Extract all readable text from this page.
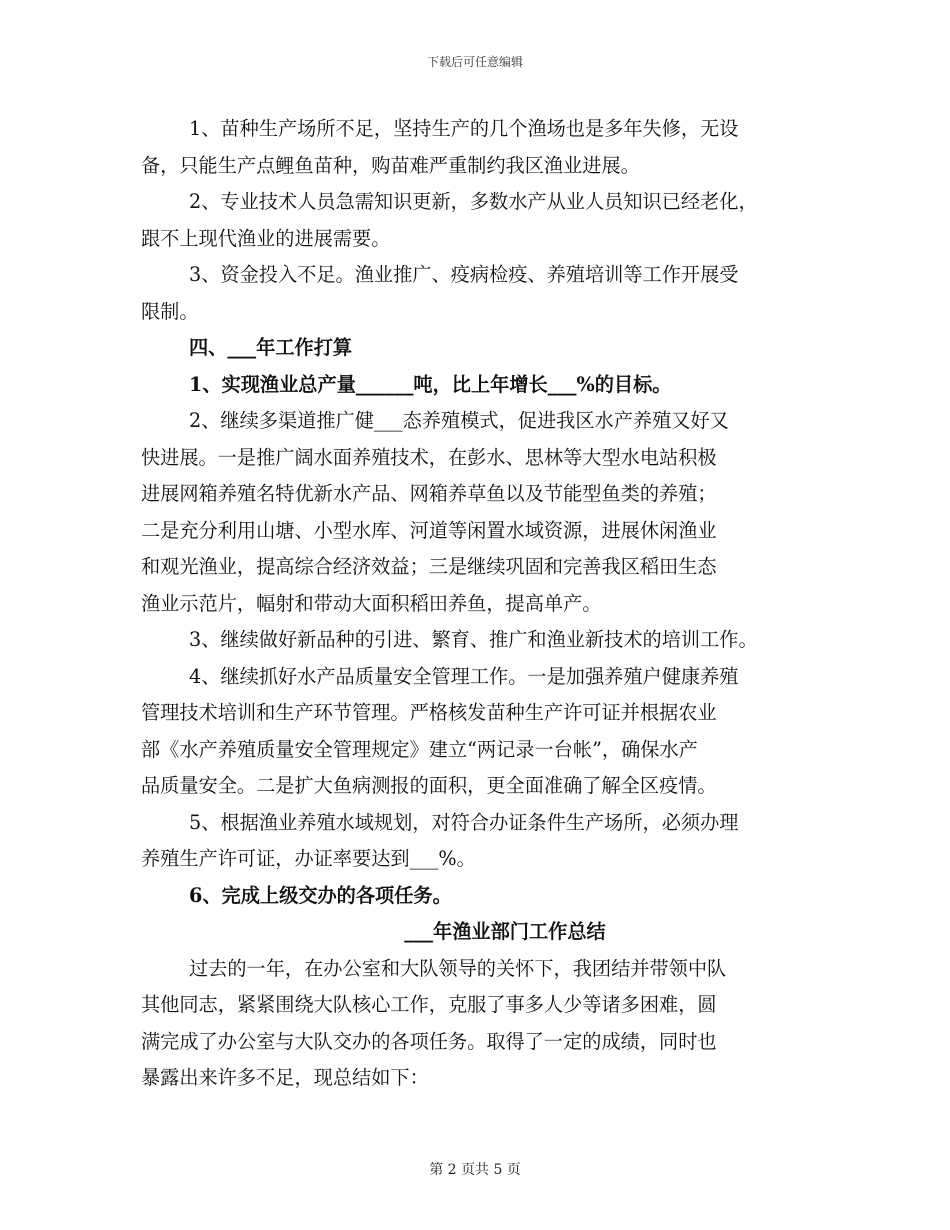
下载后可任意编辑
1、苗种生产场所不足，坚持生产的几个渔场也是多年失修，无设
备，只能生产点鲤鱼苗种，购苗难严重制约我区渔业进展。
2、专业技术人员急需知识更新，多数水产从业人员知识已经老化，
跟不上现代渔业的进展需要。
3、资金投入不足。渔业推广、疫病检疫、养殖培训等工作开展受
限制。
四、___年工作打算
1、实现渔业总产量______吨，比上年增长___%的目标。
2、继续多渠道推广健___态养殖模式，促进我区水产养殖又好又
快进展。一是推广阔水面养殖技术，在彭水、思林等大型水电站积极
进展网箱养殖名特优新水产品、网箱养草鱼以及节能型鱼类的养殖；
二是充分利用山塘、小型水库、河道等闲置水域资源，进展休闲渔业
和观光渔业，提高综合经济效益；三是继续巩固和完善我区稻田生态
渔业示范片，幅射和带动大面积稻田养鱼，提高单产。
3、继续做好新品种的引进、繁育、推广和渔业新技术的培训工作。
4、继续抓好水产品质量安全管理工作。一是加强养殖户健康养殖
管理技术培训和生产环节管理。严格核发苗种生产许可证并根据农业
部《水产养殖质量安全管理规定》建立“两记录一台帐”，确保水产
品质量安全。二是扩大鱼病测报的面积，更全面准确了解全区疫情。
5、根据渔业养殖水域规划，对符合办证条件生产场所，必须办理
养殖生产许可证，办证率要达到___%。
6、完成上级交办的各项任务。
___年渔业部门工作总结
过去的一年，在办公室和大队领导的关怀下，我团结并带领中队
其他同志，紧紧围绕大队核心工作，克服了事多人少等诸多困难，圆
满完成了办公室与大队交办的各项任务。取得了一定的成绩，同时也
暴露出来许多不足，现总结如下：
第 2 页共 5 页
